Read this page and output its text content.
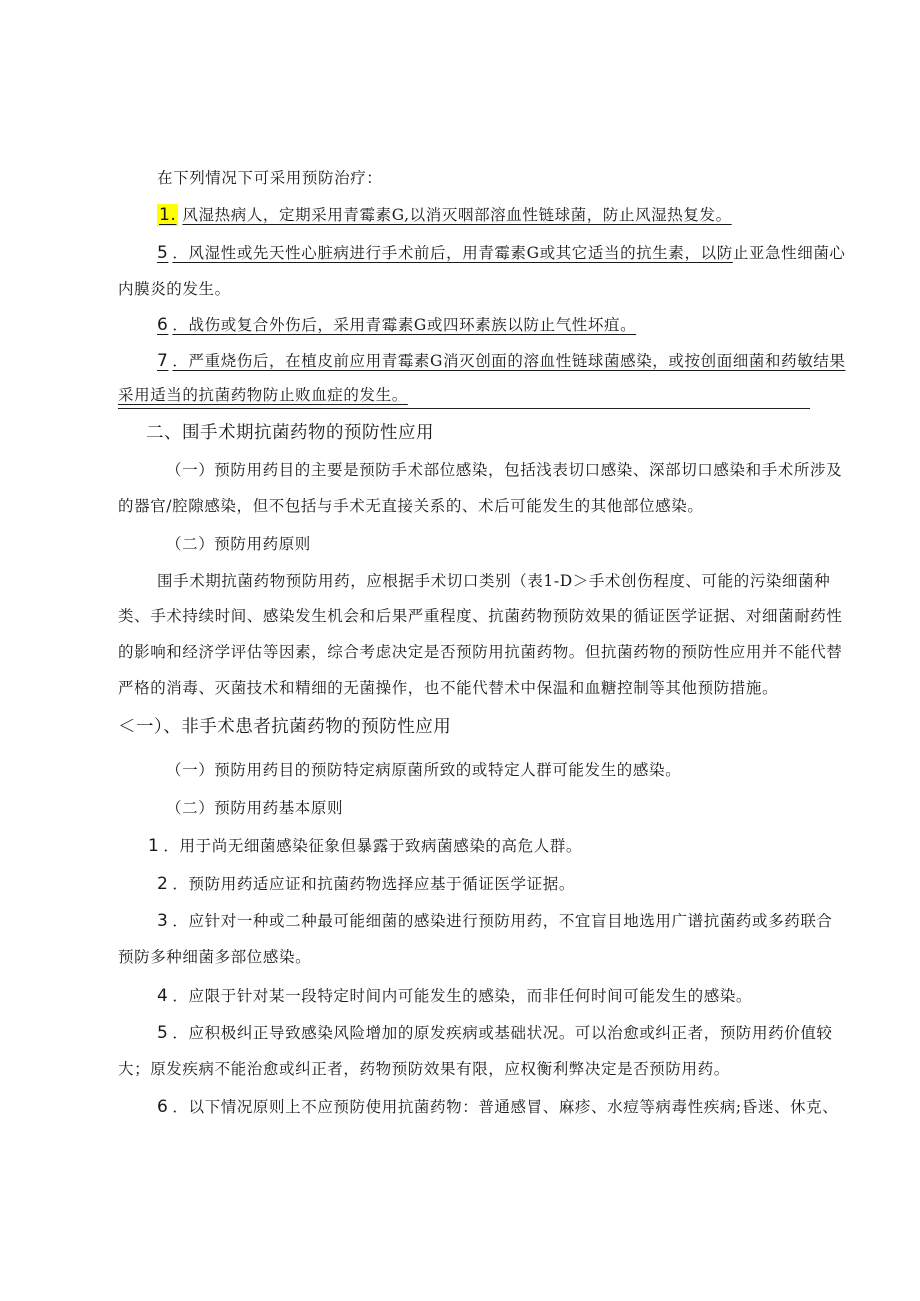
在下列情况下可采用预防治疗：
1. 风湿热病人，定期采用青霉素G,以消灭咽部溶血性链球菌，防止风湿热复发。
5 ．风湿性或先天性心脏病进行手术前后，用青霉素G或其它适当的抗生素，以防止亚急性细菌心
内膜炎的发生。
6 ．战伤或复合外伤后，采用青霉素G或四环素族以防止气性坏疽。
7 ．严重烧伤后，在植皮前应用青霉素G消灭创面的溶血性链球菌感染，或按创面细菌和药敏结果
采用适当的抗菌药物防止败血症的发生。
二、围手术期抗菌药物的预防性应用
（一）预防用药目的主要是预防手术部位感染，包括浅表切口感染、深部切口感染和手术所涉及
的器官/腔隙感染，但不包括与手术无直接关系的、术后可能发生的其他部位感染。
（二）预防用药原则
围手术期抗菌药物预防用药，应根据手术切口类别（表1-D＞手术创伤程度、可能的污染细菌种
类、手术持续时间、感染发生机会和后果严重程度、抗菌药物预防效果的循证医学证据、对细菌耐药性
的影响和经济学评估等因素，综合考虑决定是否预防用抗菌药物。但抗菌药物的预防性应用并不能代替
严格的消毒、灭菌技术和精细的无菌操作，也不能代替术中保温和血糖控制等其他预防措施。
＜一）、非手术患者抗菌药物的预防性应用
（一）预防用药目的预防特定病原菌所致的或特定人群可能发生的感染。
（二）预防用药基本原则
1 ．用于尚无细菌感染征象但暴露于致病菌感染的高危人群。
2 ．预防用药适应证和抗菌药物选择应基于循证医学证据。
3 ．应针对一种或二种最可能细菌的感染进行预防用药，不宜盲目地选用广谱抗菌药或多药联合
预防多种细菌多部位感染。
4 ．应限于针对某一段特定时间内可能发生的感染，而非任何时间可能发生的感染。
5 ．应积极纠正导致感染风险增加的原发疾病或基础状况。可以治愈或纠正者，预防用药价值较
大；原发疾病不能治愈或纠正者，药物预防效果有限，应权衡利弊决定是否预防用药。
6 ．以下情况原则上不应预防使用抗菌药物：普通感冒、麻疹、水痘等病毒性疾病;昏迷、休克、
